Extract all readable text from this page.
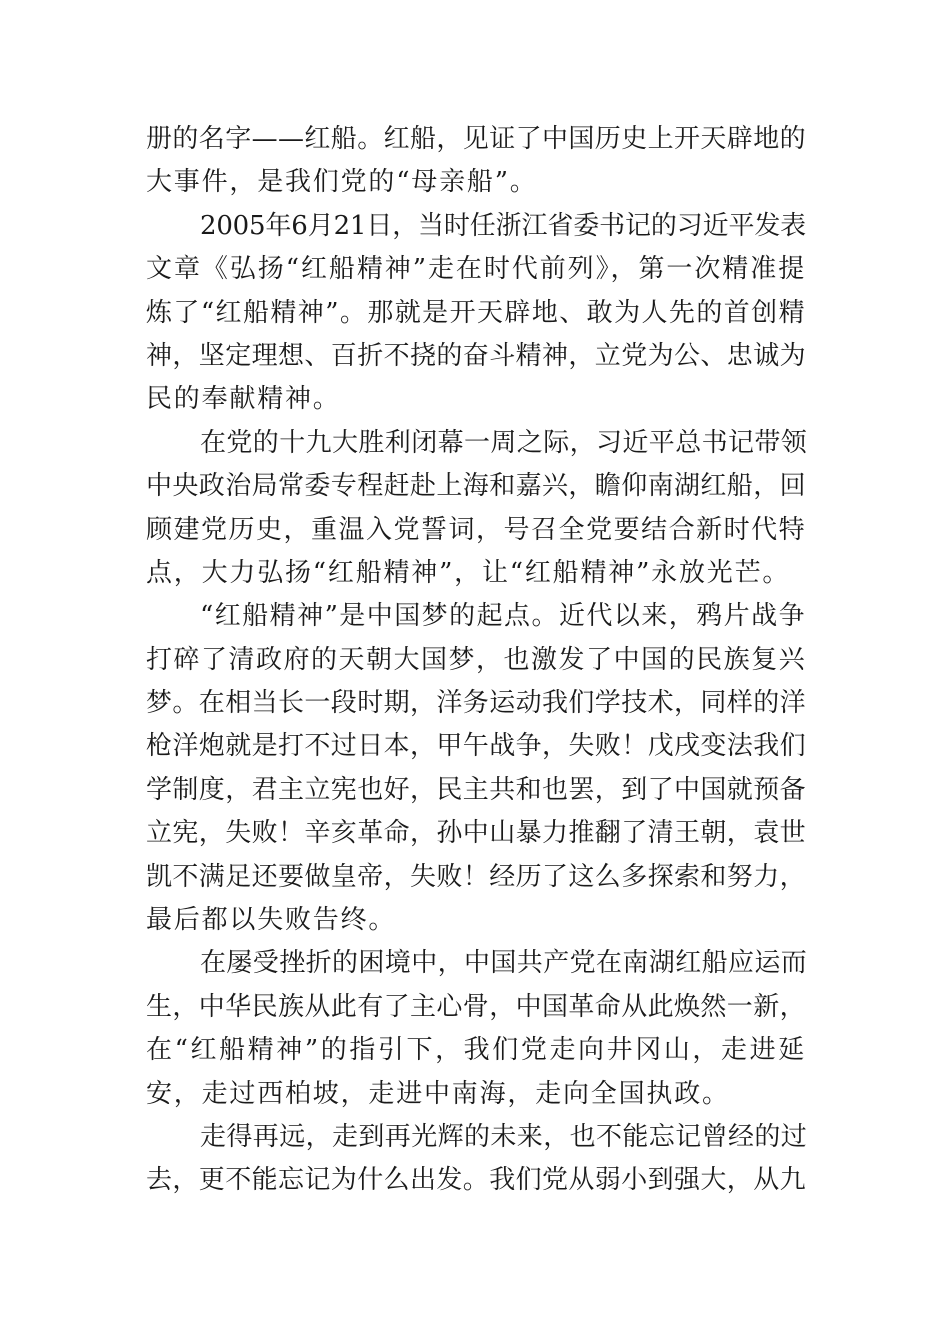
册的名字——红船。红船，见证了中国历史上开天辟地的
大事件，是我们党的“母亲船”。
2005年6月21日，当时任浙江省委书记的习近平发表
文章《弘扬“红船精神”走在时代前列》，第一次精准提
炼了“红船精神”。那就是开天辟地、敢为人先的首创精
神，坚定理想、百折不挠的奋斗精神，立党为公、忠诚为
民的奉献精神。
在党的十九大胜利闭幕一周之际，习近平总书记带领
中央政治局常委专程赶赴上海和嘉兴，瞻仰南湖红船，回
顾建党历史，重温入党誓词，号召全党要结合新时代特
点，大力弘扬“红船精神”，让“红船精神”永放光芒。
“红船精神”是中国梦的起点。近代以来，鸦片战争
打碎了清政府的天朝大国梦，也激发了中国的民族复兴
梦。在相当长一段时期，洋务运动我们学技术，同样的洋
枪洋炮就是打不过日本，甲午战争，失败！戊戌变法我们
学制度，君主立宪也好，民主共和也罢，到了中国就预备
立宪，失败！辛亥革命，孙中山暴力推翻了清王朝，袁世
凯不满足还要做皇帝，失败！经历了这么多探索和努力，
最后都以失败告终。
在屡受挫折的困境中，中国共产党在南湖红船应运而
生，中华民族从此有了主心骨，中国革命从此焕然一新，
在“红船精神”的指引下，我们党走向井冈山，走进延
安，走过西柏坡，走进中南海，走向全国执政。
走得再远，走到再光辉的未来，也不能忘记曾经的过
去，更不能忘记为什么出发。我们党从弱小到强大，从九
